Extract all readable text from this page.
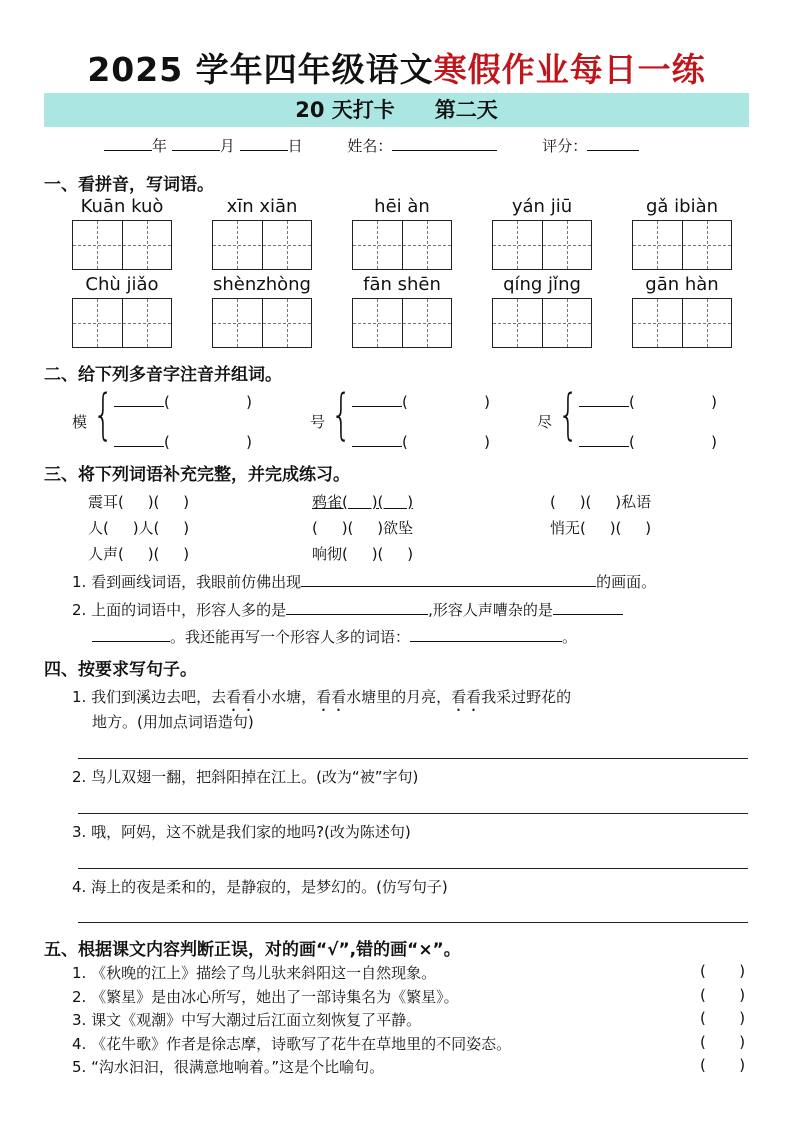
2025 学年四年级语文寒假作业每日一练
20 天打卡 第二天
年	月	日	姓名：	评分：
一、看拼音，写词语。
Kuān kuò	xīn xiān	hēi àn	yán jiū	gǎ ibiàn
Chù jiǎo	shènzhòng	fān shēn	qíng jǐng	gān hàn
二、给下列多音字注音并组词。
模 {	(                )
(                )
号 {	(                )
(                )
尽 {	(                )
(                )
三、将下列词语补充完整，并完成练习。
震耳(     )(     )	鸦雀(     )(     )	(     )(     )私语
人(     )人(     )	(     )(     )欲坠	悄无(     )(     )
人声(     )(     )	响彻(     )(     )
1. 看到画线词语，我眼前仿佛出现	的画面。
2. 上面的词语中，形容人多的是	,形容人声嘈杂的是
。我还能再写一个形容人多的词语：	。
四、按要求写句子。
1. 我们到溪边去吧，去看看小水塘，看看水塘里的月亮，看看我采过野花的
地方。(用加点词语造句)
2. 鸟儿双翅一翻，把斜阳掉在江上。(改为“被”字句)
3. 哦，阿妈，这不就是我们家的地吗?(改为陈述句)
4. 海上的夜是柔和的，是静寂的，是梦幻的。(仿写句子)
五、根据课文内容判断正误，对的画“√”,错的画“×”。
1. 《秋晚的江上》描绘了鸟儿驮来斜阳这一自然现象。	(       )
2. 《繁星》是由冰心所写，她出了一部诗集名为《繁星》。	(       )
3. 课文《观潮》中写大潮过后江面立刻恢复了平静。	(       )
4. 《花牛歌》作者是徐志摩，诗歌写了花牛在草地里的不同姿态。	(       )
5. “沟水汩汩，很满意地响着。”这是个比喻句。	(       )
